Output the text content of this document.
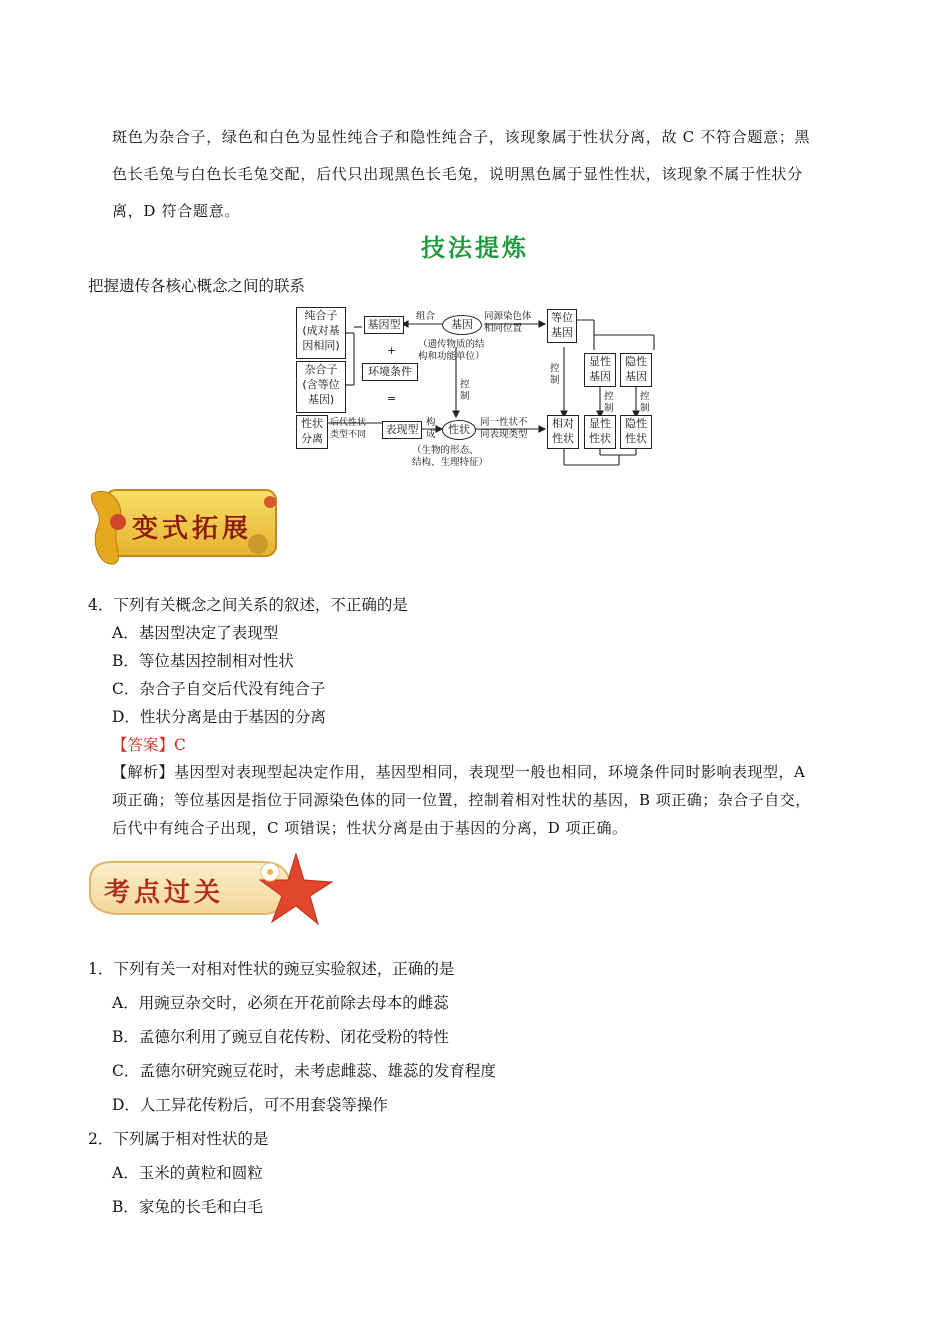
斑色为杂合子，绿色和白色为显性纯合子和隐性纯合子，该现象属于性状分离，故 C 不符合题意；黑
色长毛兔与白色长毛兔交配，后代只出现黑色长毛兔，说明黑色属于显性性状，该现象不属于性状分
离，D 符合题意。
技法提炼
把握遗传各核心概念之间的联系
纯合子
(成对基
因相同)
杂合子
(含等位
基因)
性状
分离
基因型
+
环境条件
=
表现型
基因
性状
等位
基因
显性
基因
隐性
基因
相对
性状
显性
性状
隐性
性状
组合	同源染色体
相同位置
（遗传物质的结
构和功能单位）
控
制
构
成
（生物的形态、
结构、生理特征）
后代性状
类型不同
同一性状不
同表现类型
控
制
控
制
控
制
变式拓展
4．下列有关概念之间关系的叙述，不正确的是
A．基因型决定了表现型
B．等位基因控制相对性状
C．杂合子自交后代没有纯合子
D．性状分离是由于基因的分离
【答案】C
【解析】基因型对表现型起决定作用，基因型相同，表现型一般也相同，环境条件同时影响表现型，A
项正确；等位基因是指位于同源染色体的同一位置，控制着相对性状的基因，B 项正确；杂合子自交，
后代中有纯合子出现，C 项错误；性状分离是由于基因的分离，D 项正确。
考点过关
1．下列有关一对相对性状的豌豆实验叙述，正确的是
A．用豌豆杂交时，必须在开花前除去母本的雌蕊
B．孟德尔利用了豌豆自花传粉、闭花受粉的特性
C．孟德尔研究豌豆花时，未考虑雌蕊、雄蕊的发育程度
D．人工异花传粉后，可不用套袋等操作
2．下列属于相对性状的是
A．玉米的黄粒和圆粒
B．家兔的长毛和白毛
